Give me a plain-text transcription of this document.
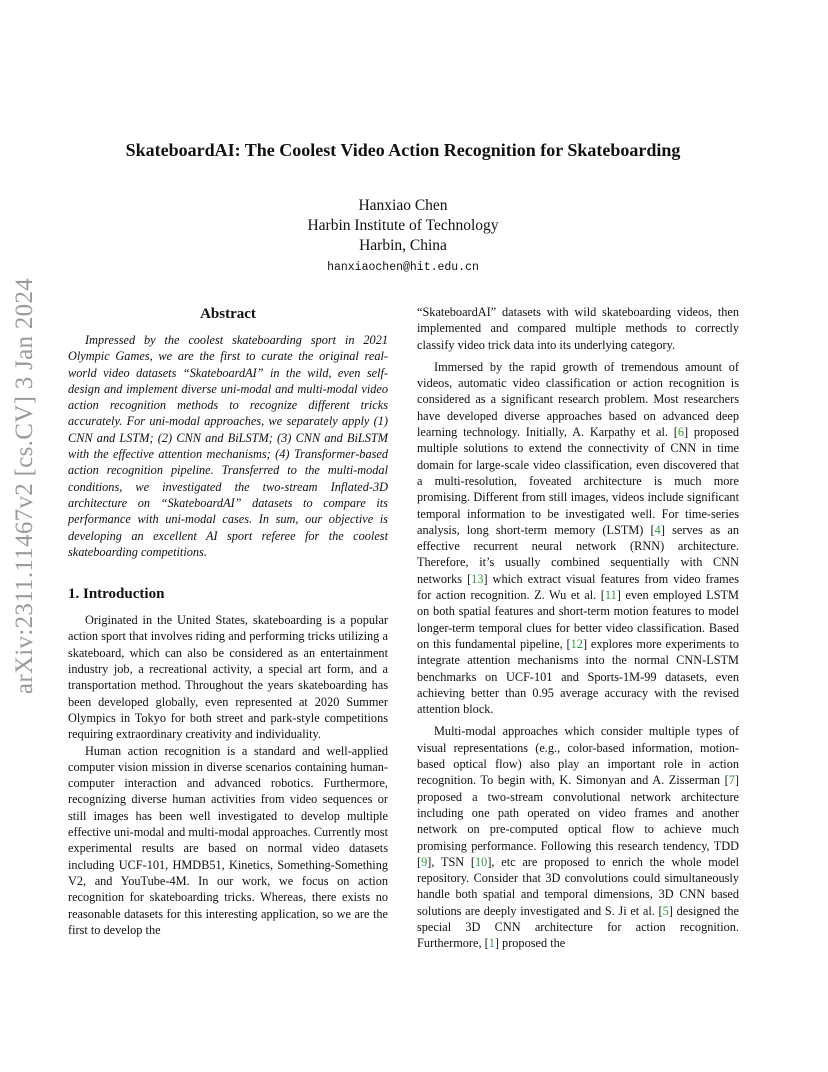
arXiv:2311.11467v2 [cs.CV] 3 Jan 2024
SkateboardAI: The Coolest Video Action Recognition for Skateboarding
Hanxiao Chen
Harbin Institute of Technology
Harbin, China
hanxiaochen@hit.edu.cn
Abstract

Impressed by the coolest skateboarding sport in 2021 Olympic Games, we are the first to curate the original real-world video datasets “SkateboardAI” in the wild, even self-design and implement diverse uni-modal and multi-modal video action recognition methods to recognize different tricks accurately. For uni-modal approaches, we separately apply (1) CNN and LSTM; (2) CNN and BiLSTM; (3) CNN and BiLSTM with the effective attention mechanisms; (4) Transformer-based action recognition pipeline. Transferred to the multi-modal conditions, we investigated the two-stream Inflated-3D architecture on “SkateboardAI” datasets to compare its performance with uni-modal cases. In sum, our objective is developing an excellent AI sport referee for the coolest skateboarding competitions.

1. Introduction

Originated in the United States, skateboarding is a popular action sport that involves riding and performing tricks utilizing a skateboard, which can also be considered as an entertainment industry job, a recreational activity, a special art form, and a transportation method. Throughout the years skateboarding has been developed globally, even represented at 2020 Summer Olympics in Tokyo for both street and park-style competitions requiring extraordinary creativity and individuality.

Human action recognition is a standard and well-applied computer vision mission in diverse scenarios containing human-computer interaction and advanced robotics. Furthermore, recognizing diverse human activities from video sequences or still images has been well investigated to develop multiple effective uni-modal and multi-modal approaches. Currently most experimental results are based on normal video datasets including UCF-101, HMDB51, Kinetics, Something-Something V2, and YouTube-4M. In our work, we focus on action recognition for skateboarding tricks. Whereas, there exists no reasonable datasets for this interesting application, so we are the first to develop the

“SkateboardAI” datasets with wild skateboarding videos, then implemented and compared multiple methods to correctly classify video trick data into its underlying category.

Immersed by the rapid growth of tremendous amount of videos, automatic video classification or action recognition is considered as a significant research problem. Most researchers have developed diverse approaches based on advanced deep learning technology. Initially, A. Karpathy et al. [6] proposed multiple solutions to extend the connectivity of CNN in time domain for large-scale video classification, even discovered that a multi-resolution, foveated architecture is much more promising. Different from still images, videos include significant temporal information to be investigated well. For time-series analysis, long short-term memory (LSTM) [4] serves as an effective recurrent neural network (RNN) architecture. Therefore, it’s usually combined sequentially with CNN networks [13] which extract visual features from video frames for action recognition. Z. Wu et al. [11] even employed LSTM on both spatial features and short-term motion features to model longer-term temporal clues for better video classification. Based on this fundamental pipeline, [12] explores more experiments to integrate attention mechanisms into the normal CNN-LSTM benchmarks on UCF-101 and Sports-1M-99 datasets, even achieving better than 0.95 average accuracy with the revised attention block.

Multi-modal approaches which consider multiple types of visual representations (e.g., color-based information, motion-based optical flow) also play an important role in action recognition. To begin with, K. Simonyan and A. Zisserman [7] proposed a two-stream convolutional network architecture including one path operated on video frames and another network on pre-computed optical flow to achieve much promising performance. Following this research tendency, TDD [9], TSN [10], etc are proposed to enrich the whole model repository. Consider that 3D convolutions could simultaneously handle both spatial and temporal dimensions, 3D CNN based solutions are deeply investigated and S. Ji et al. [5] designed the special 3D CNN architecture for action recognition. Furthermore, [1] proposed the
